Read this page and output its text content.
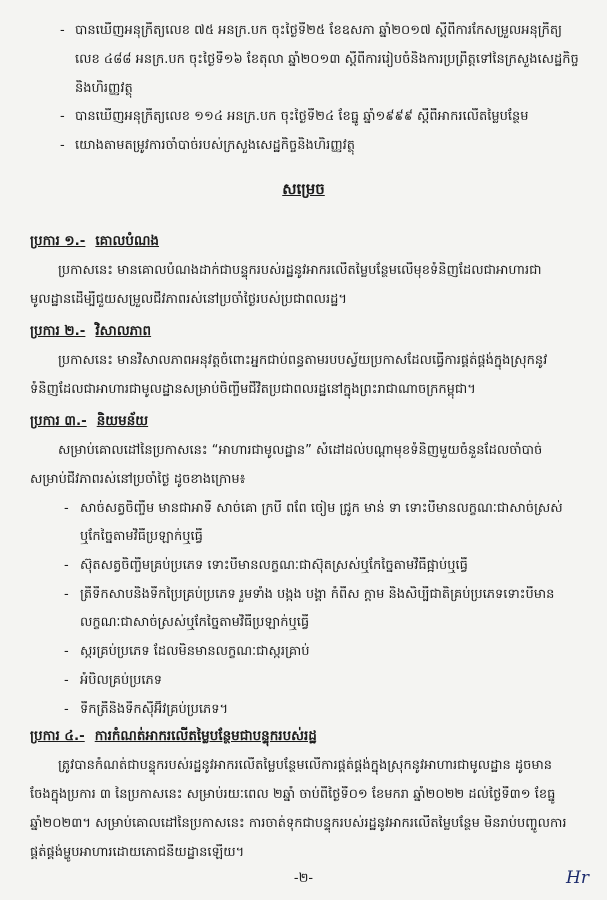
- បានឃើញអនុក្រឹត្យលេខ ៧៥ អនក្រ.បក ចុះថ្ងៃទី២៥ ខែឧសភា ឆ្នាំ២០១៧ ស្ដីពីការកែសម្រួលអនុក្រឹត្យ
លេខ ៤៨៨ អនក្រ.បក ចុះថ្ងៃទី១៦ ខែតុលា ឆ្នាំ២០១៣ ស្ដីពីការរៀបចំនិងការប្រព្រឹត្តទៅនៃក្រសួងសេដ្ឋកិច្ច
និងហិរញ្ញវត្ថុ
- បានឃើញអនុក្រឹត្យលេខ ១១៤ អនក្រ.បក ចុះថ្ងៃទី២៤ ខែធ្នូ ឆ្នាំ១៩៩៩ ស្ដីពីអាករលើតម្លៃបន្ថែម
- យោងតាមតម្រូវការចាំបាច់របស់ក្រសួងសេដ្ឋកិច្ចនិងហិរញ្ញវត្ថុ
សម្រេច
ប្រការ ១.- គោលបំណង
ប្រកាសនេះ មានគោលបំណងដាក់ជាបន្ទុករបស់រដ្ឋនូវអាករលើតម្លៃបន្ថែមលើមុខទំនិញដែលជាអាហារជា
មូលដ្ឋានដើម្បីជួយសម្រួលជីវភាពរស់នៅប្រចាំថ្ងៃរបស់ប្រជាពលរដ្ឋ។
ប្រការ ២.- វិសាលភាព
ប្រកាសនេះ មានវិសាលភាពអនុវត្តចំពោះអ្នកជាប់ពន្ធតាមរបបស្វ័យប្រកាសដែលធ្វើការផ្គត់ផ្គង់ក្នុងស្រុកនូវ
ទំនិញដែលជាអាហារជាមូលដ្ឋានសម្រាប់ចិញ្ចឹមជីវិតប្រជាពលរដ្ឋនៅក្នុងព្រះរាជាណាចក្រកម្ពុជា។
ប្រការ ៣.- និយមន័យ
សម្រាប់គោលដៅនៃប្រកាសនេះ “អាហារជាមូលដ្ឋាន” សំដៅដល់បណ្ដាមុខទំនិញមួយចំនួនដែលចាំបាច់
សម្រាប់ជីវភាពរស់នៅប្រចាំថ្ងៃ ដូចខាងក្រោម៖
- សាច់សត្វចិញ្ចឹម មានជាអាទិ៍ សាច់គោ ក្របី ពពែ ចៀម ជ្រូក មាន់ ទា ទោះបីមានលក្ខណៈជាសាច់ស្រស់
ឬកែច្នៃតាមវិធីប្រឡាក់ឬធ្វើ
- ស៊ុតសត្វចិញ្ចឹមគ្រប់ប្រភេទ ទោះបីមានលក្ខណៈជាស៊ុតស្រស់ឬកែច្នៃតាមវិធីផ្អាប់ឬធ្វើ
- ត្រីទឹកសាបនិងទឹកប្រៃគ្រប់ប្រភេទ រួមទាំង បង្កង បង្គា កំពឹស ក្ដាម និងសិប្បីជាតិគ្រប់ប្រភេទទោះបីមាន
លក្ខណៈជាសាច់ស្រស់ឬកែច្នៃតាមវិធីប្រឡាក់ឬធ្វើ
- ស្ករគ្រប់ប្រភេទ ដែលមិនមានលក្ខណៈជាស្ករគ្រាប់
- អំបិលគ្រប់ប្រភេទ
- ទឹកត្រីនិងទឹកស៊ីអ៊ីវគ្រប់ប្រភេទ។
ប្រការ ៤.- ការកំណត់អាករលើតម្លៃបន្ថែមជាបន្ទុករបស់រដ្ឋ
ត្រូវបានកំណត់ជាបន្ទុករបស់រដ្ឋនូវអាករលើតម្លៃបន្ថែមលើការផ្គត់ផ្គង់ក្នុងស្រុកនូវអាហារជាមូលដ្ឋាន ដូចមាន
ចែងក្នុងប្រការ ៣ នៃប្រកាសនេះ សម្រាប់រយៈពេល ២ឆ្នាំ ចាប់ពីថ្ងៃទី០១ ខែមករា ឆ្នាំ២០២២ ដល់ថ្ងៃទី៣១ ខែធ្នូ
ឆ្នាំ២០២៣។ សម្រាប់គោលដៅនៃប្រកាសនេះ ការចាត់ទុកជាបន្ទុករបស់រដ្ឋនូវអាករលើតម្លៃបន្ថែម មិនរាប់បញ្ចូលការ
ផ្គត់ផ្គង់ម្ហូបអាហារដោយភោជនីយដ្ឋានឡើយ។
-២-	Hr
